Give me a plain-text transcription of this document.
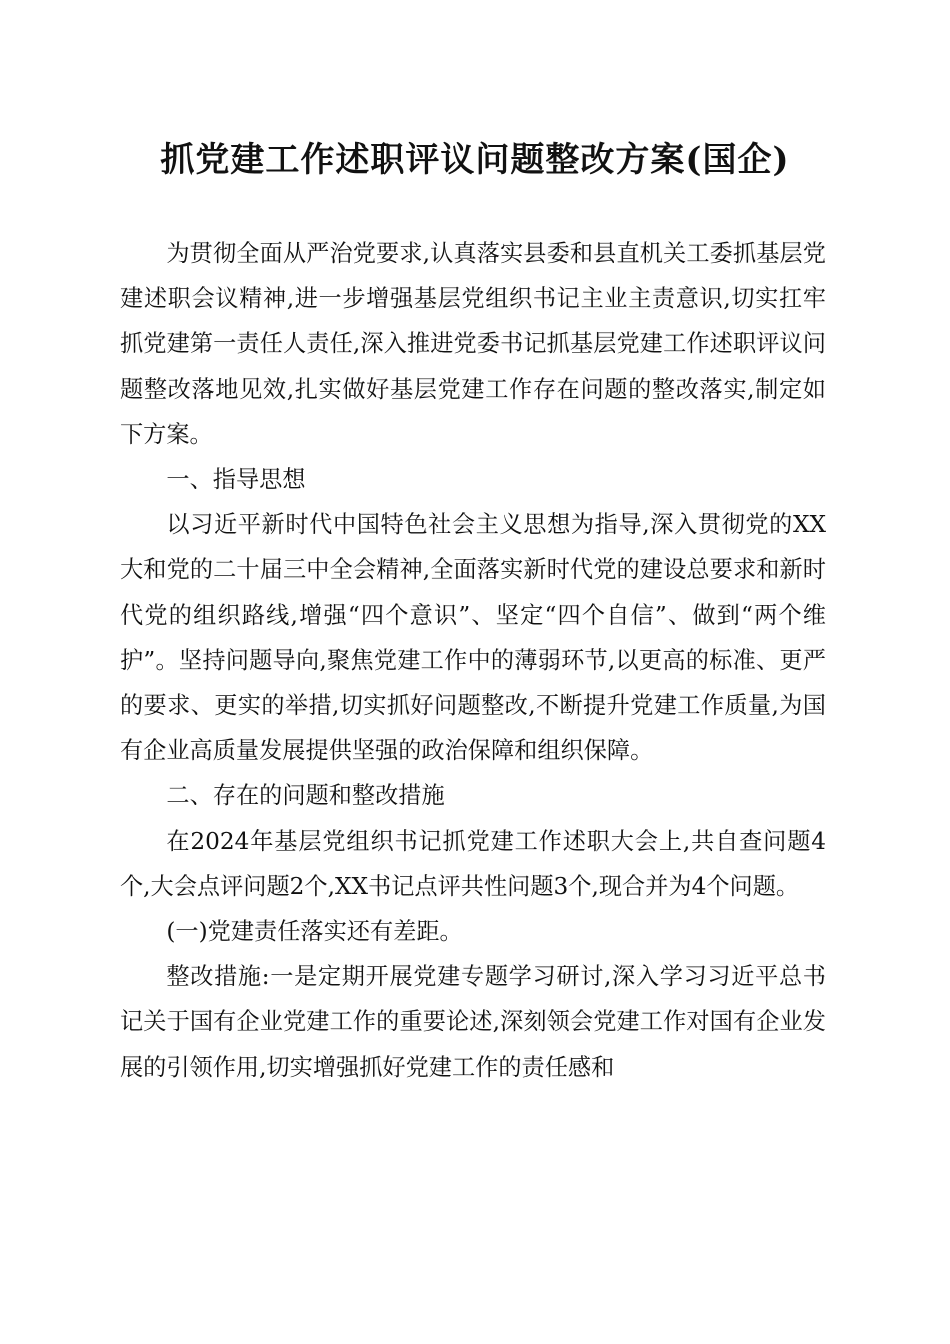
抓党建工作述职评议问题整改方案(国企)

为贯彻全面从严治党要求,认真落实县委和县直机关工委抓基层党建述职会议精神,进一步增强基层党组织书记主业主责意识,切实扛牢抓党建第一责任人责任,深入推进党委书记抓基层党建工作述职评议问题整改落地见效,扎实做好基层党建工作存在问题的整改落实,制定如下方案。

一、指导思想

以习近平新时代中国特色社会主义思想为指导,深入贯彻党的XX大和党的二十届三中全会精神,全面落实新时代党的建设总要求和新时代党的组织路线,增强“四个意识”、坚定“四个自信”、做到“两个维护”。坚持问题导向,聚焦党建工作中的薄弱环节,以更高的标准、更严的要求、更实的举措,切实抓好问题整改,不断提升党建工作质量,为国有企业高质量发展提供坚强的政治保障和组织保障。

二、存在的问题和整改措施

在2024年基层党组织书记抓党建工作述职大会上,共自查问题4个,大会点评问题2个,XX书记点评共性问题3个,现合并为4个问题。

(一)党建责任落实还有差距。

整改措施:一是定期开展党建专题学习研讨,深入学习习近平总书记关于国有企业党建工作的重要论述,深刻领会党建工作对国有企业发展的引领作用,切实增强抓好党建工作的责任感和
